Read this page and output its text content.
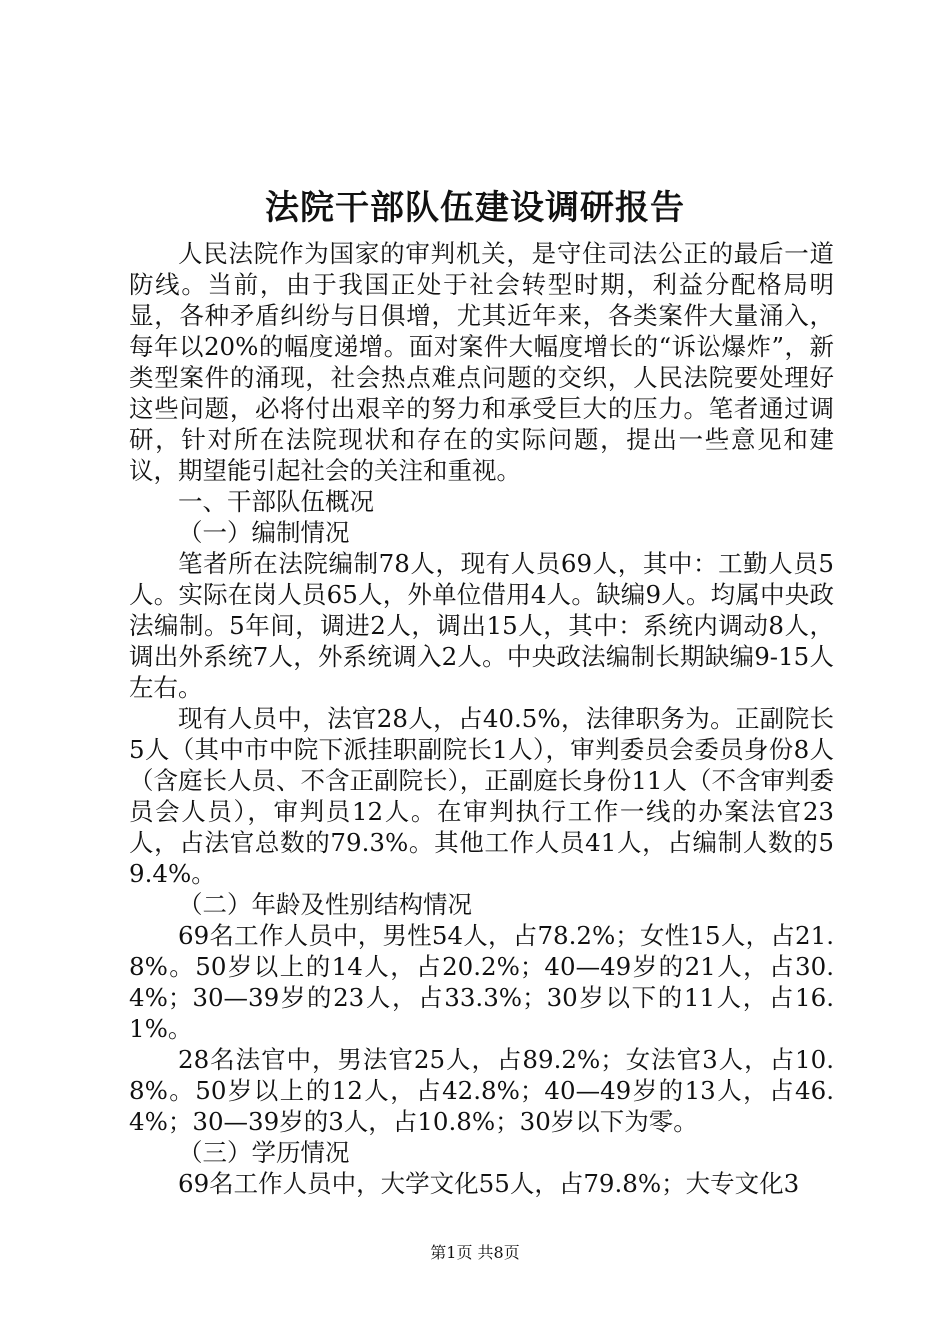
法院干部队伍建设调研报告

人民法院作为国家的审判机关，是守住司法公正的最后一道防线。当前，由于我国正处于社会转型时期，利益分配格局明显，各种矛盾纠纷与日俱增，尤其近年来，各类案件大量涌入，每年以20%的幅度递增。面对案件大幅度增长的“诉讼爆炸”，新类型案件的涌现，社会热点难点问题的交织，人民法院要处理好这些问题，必将付出艰辛的努力和承受巨大的压力。笔者通过调研，针对所在法院现状和存在的实际问题，提出一些意见和建议，期望能引起社会的关注和重视。

一、干部队伍概况

（一）编制情况

笔者所在法院编制78人，现有人员69人，其中：工勤人员5人。实际在岗人员65人，外单位借用4人。缺编9人。均属中央政法编制。5年间，调进2人，调出15人，其中：系统内调动8人，调出外系统7人，外系统调入2人。中央政法编制长期缺编9-15人左右。

现有人员中，法官28人，占40.5%，法律职务为。正副院长5人（其中市中院下派挂职副院长1人），审判委员会委员身份8人（含庭长人员、不含正副院长），正副庭长身份11人（不含审判委员会人员），审判员12人。在审判执行工作一线的办案法官23人，占法官总数的79.3%。其他工作人员41人，占编制人数的59.4%。

（二）年龄及性别结构情况

69名工作人员中，男性54人，占78.2%；女性15人，占21.8%。50岁以上的14人，占20.2%；40—49岁的21人，占30.4%；30—39岁的23人，占33.3%；30岁以下的11人，占16.1%。

28名法官中，男法官25人，占89.2%；女法官3人，占10.8%。50岁以上的12人，占42.8%；40—49岁的13人，占46.4%；30—39岁的3人，占10.8%；30岁以下为零。

（三）学历情况

69名工作人员中，大学文化55人，占79.8%；大专文化3

第1页 共8页
